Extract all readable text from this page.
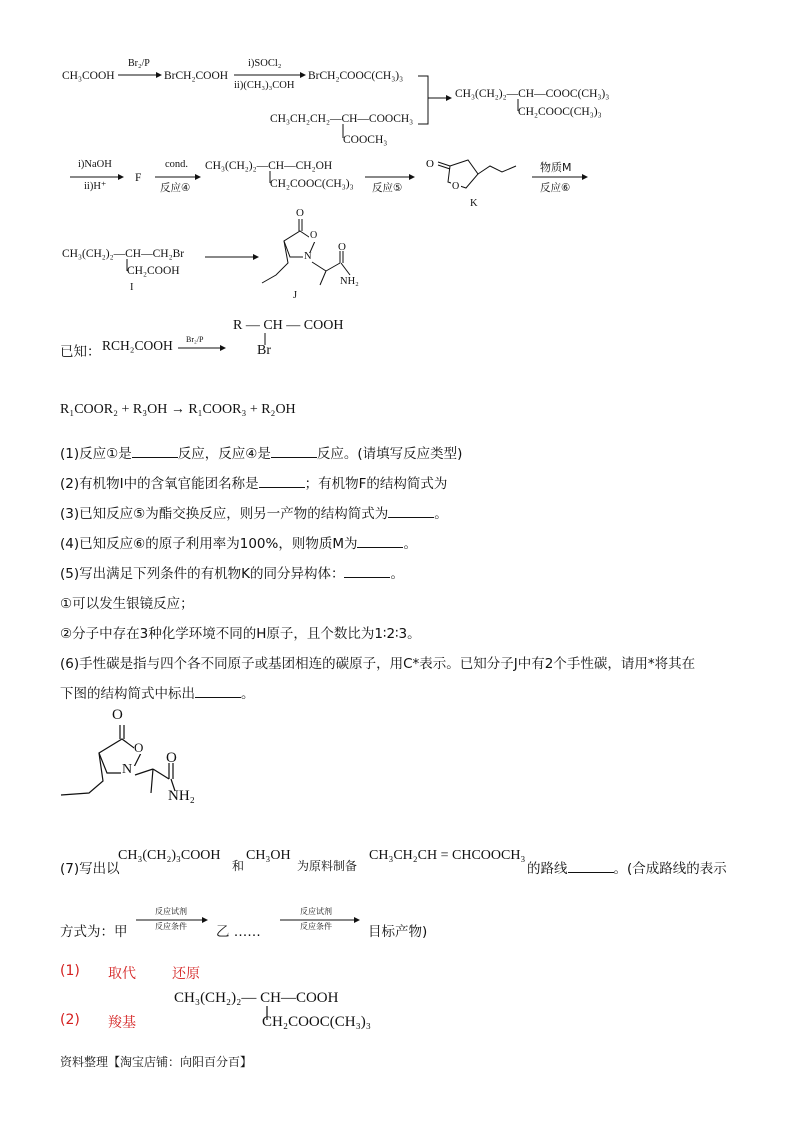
CH₃COOH
Br₂/P
BrCH₂COOH
i)SOCl₂
ii)(CH₃)₃COH
BrCH₂COOC(CH₃)₃
CH₃CH₂CH₂—CH—COOCH₃
COOCH₃
CH₃(CH₂)₂—CH—COOC(CH₃)₃
CH₂COOC(CH₃)₃
i)NaOH
ii)H⁺
F
cond.
反应④
CH₃(CH₂)₂—CH—CH₂OH
CH₂COOC(CH₃)₃ 反应⑤
O
O
K
物质M
反应⑥
CH₃(CH₂)₂—CH—CH₂Br
CH₂COOH
I
O
O
N
O
NH₂
J
已知： RCH₂COOH Br₂/P
R — CH — COOH
Br
R₁COOR₂ + R₃OH → R₁COOR₃ + R₂OH
(1)反应①是	反应，反应④是	反应。(请填写反应类型)
(2)有机物I中的含氧官能团名称是	；有机物F的结构简式为
(3)已知反应⑤为酯交换反应，则另一产物的结构简式为	。
(4)已知反应⑥的原子利用率为100%，则物质M为	。
(5)写出满足下列条件的有机物K的同分异构体：	。
①可以发生银镜反应；
②分子中存在3种化学环境不同的H原子，且个数比为1∶2∶3。
(6)手性碳是指与四个各不同原子或基团相连的碳原子，用C*表示。已知分子J中有2个手性碳，请用*将其在
下图的结构简式中标出	。
O
O
N
O
NH₂
(7)写出以
CH₃(CH₂)₃COOH
和
CH₃OH
为原料制备
CH₃CH₂CH = CHCOOCH₃
的路线	。(合成路线的表示
方式为：甲
反应试剂
反应条件 乙 ……
反应试剂
反应条件	目标产物)
(1) 取代	还原
(2) 羧基
CH₃(CH₂)₂— CH—COOH
CH₂COOC(CH₃)₃
资料整理【淘宝店铺：向阳百分百】
